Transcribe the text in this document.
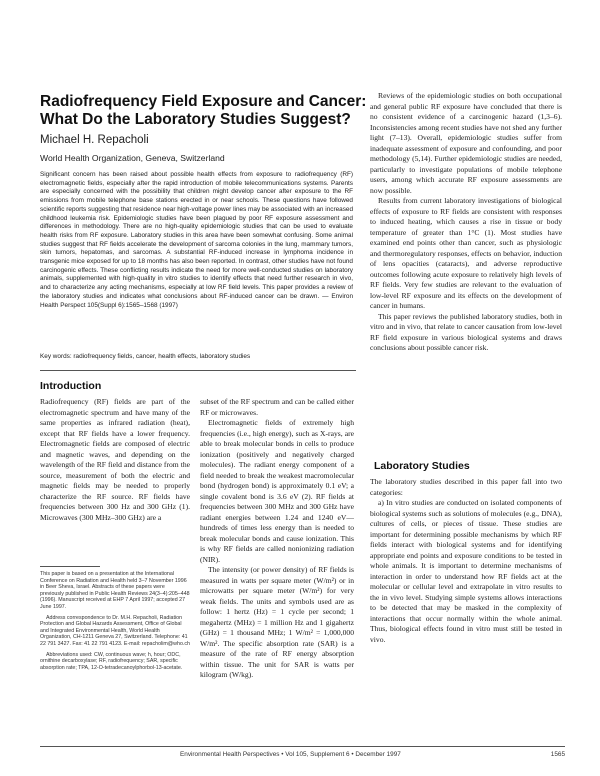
Radiofrequency Field Exposure and Cancer:
What Do the Laboratory Studies Suggest?

Michael H. Repacholi

World Health Organization, Geneva, Switzerland

Significant concern has been raised about possible health effects from exposure to radiofrequency (RF) electromagnetic fields, especially after the rapid introduction of mobile telecommunications systems. Parents are especially concerned with the possibility that children might develop cancer after exposure to the RF emissions from mobile telephone base stations erected in or near schools. These questions have followed scientific reports suggesting that residence near high-voltage power lines may be associated with an increased childhood leukemia risk. Epidemiologic studies have been plagued by poor RF exposure assessment and differences in methodology. There are no high-quality epidemiologic studies that can be used to evaluate health risks from RF exposure. Laboratory studies in this area have been somewhat confusing. Some animal studies suggest that RF fields accelerate the development of sarcoma colonies in the lung, mammary tumors, skin tumors, hepatomas, and sarcomas. A substantial RF-induced increase in lymphoma incidence in transgenic mice exposed for up to 18 months has also been reported. In contrast, other studies have not found carcinogenic effects. These conflicting results indicate the need for more well-conducted studies on laboratory animals, supplemented with high-quality in vitro studies to identify effects that need further research in vivo, and to characterize any acting mechanisms, especially at low RF field levels. This paper provides a review of the laboratory studies and indicates what conclusions about RF-induced cancer can be drawn. — Environ Health Perspect 105(Suppl 6):1565–1568 (1997)

Key words: radiofrequency fields, cancer, health effects, laboratory studies

Introduction

Radiofrequency (RF) fields are part of the electromagnetic spectrum and have many of the same properties as infrared radiation (heat), except that RF fields have a lower frequency. Electromagnetic fields are composed of electric and magnetic waves, and depending on the wavelength of the RF field and distance from the source, measurement of both the electric and magnetic fields may be needed to properly characterize the RF source. RF fields have frequencies between 300 Hz and 300 GHz (1). Microwaves (300 MHz–300 GHz) are a

subset of the RF spectrum and can be called either RF or microwaves.

Electromagnetic fields of extremely high frequencies (i.e., high energy), such as X-rays, are able to break molecular bonds in cells to produce ionization (positively and negatively charged molecules). The radiant energy component of a field needed to break the weakest macromolecular bond (hydrogen bond) is approximately 0.1 eV; a single covalent bond is 3.6 eV (2). RF fields at frequencies between 300 MHz and 300 GHz have radiant energies between 1.24 and 1240 eV—hundreds of times less energy than is needed to break molecular bonds and cause ionization. This is why RF fields are called nonionizing radiation (NIR).

The intensity (or power density) of RF fields is measured in watts per square meter (W/m²) or in microwatts per square meter (W/m²) for very weak fields. The units and symbols used are as follow: 1 hertz (Hz) = 1 cycle per second; 1 megahertz (MHz) = 1 million Hz and 1 gigahertz (GHz) = 1 thousand MHz; 1 W/m² = 1,000,000 W/m². The specific absorption rate (SAR) is a measure of the rate of RF energy absorption within tissue. The unit for SAR is watts per kilogram (W/kg).

Reviews of the epidemiologic studies on both occupational and general public RF exposure have concluded that there is no consistent evidence of a carcinogenic hazard (1,3–6). Inconsistencies among recent studies have not shed any further light (7–13). Overall, epidemiologic studies suffer from inadequate assessment of exposure and confounding, and poor methodology (5,14). Further epidemiologic studies are needed, particularly to investigate populations of mobile telephone users, among which accurate RF exposure assessments are now possible.

Results from current laboratory investigations of biological effects of exposure to RF fields are consistent with responses to induced heating, which causes a rise in tissue or body temperature of greater than 1°C (1). Most studies have examined end points other than cancer, such as physiologic and thermoregulatory responses, effects on behavior, induction of lens opacities (cataracts), and adverse reproductive outcomes following acute exposure to relatively high levels of RF fields. Very few studies are relevant to the evaluation of low-level RF exposure and its effects on the development of cancer in humans.

This paper reviews the published laboratory studies, both in vitro and in vivo, that relate to cancer causation from low-level RF field exposure in various biological systems and draws conclusions about possible cancer risk.

Laboratory Studies

The laboratory studies described in this paper fall into two categories:

a) In vitro studies are conducted on isolated components of biological systems such as solutions of molecules (e.g., DNA), cultures of cells, or pieces of tissue. These studies are important for determining possible mechanisms by which RF fields interact with biological systems and for identifying appropriate end points and exposure conditions to be tested in whole animals. It is important to determine mechanisms of interaction in order to understand how RF fields act at the molecular or cellular level and extrapolate in vitro results to the in vivo level. Studying simple systems allows interactions to be detected that may be masked in the complexity of interactions that occur normally within the whole animal. Thus, biological effects found in vitro must still be tested in vivo.

This paper is based on a presentation at the International Conference on Radiation and Health held 3–7 November 1996 in Beer Sheva, Israel. Abstracts of these papers were previously published in Public Health Reviews 24(3–4):205–448 (1996). Manuscript received at EHP 7 April 1997; accepted 27 June 1997.

Address correspondence to Dr. M.H. Repacholi, Radiation Protection and Global Hazards Assessment, Office of Global and Integrated Environmental Health, World Health Organization, CH-1211 Geneva 27, Switzerland. Telephone: 41 22 791 3427. Fax: 41 22 791 4123. E-mail: repacholim@who.ch

Abbreviations used: CW, continuous wave; h, hour; ODC, ornithine decarboxylase; RF, radiofrequency; SAR, specific absorption rate; TPA, 12-O-tetradecanoylphorbol-13-acetate.

Environmental Health Perspectives • Vol 105, Supplement 6 • December 1997	1565
